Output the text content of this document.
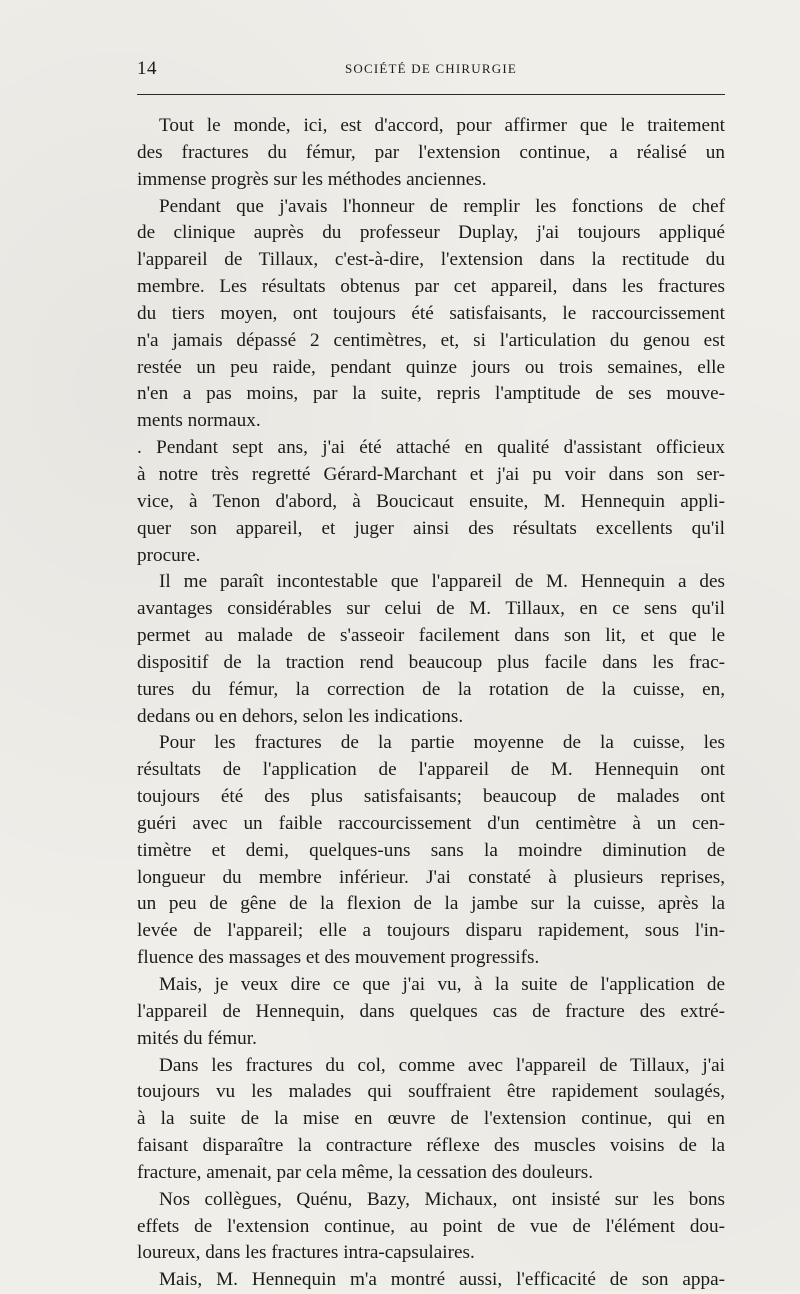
14	SOCIÉTÉ DE CHIRURGIE
Tout le monde, ici, est d'accord, pour affirmer que le traitement
des fractures du fémur, par l'extension continue, a réalisé un
immense progrès sur les méthodes anciennes.
Pendant que j'avais l'honneur de remplir les fonctions de chef
de clinique auprès du professeur Duplay, j'ai toujours appliqué
l'appareil de Tillaux, c'est-à-dire, l'extension dans la rectitude du
membre. Les résultats obtenus par cet appareil, dans les fractures
du tiers moyen, ont toujours été satisfaisants, le raccourcissement
n'a jamais dépassé 2 centimètres, et, si l'articulation du genou est
restée un peu raide, pendant quinze jours ou trois semaines, elle
n'en a pas moins, par la suite, repris l'amptitude de ses mouve-
ments normaux.
. Pendant sept ans, j'ai été attaché en qualité d'assistant officieux
à notre très regretté Gérard-Marchant et j'ai pu voir dans son ser-
vice, à Tenon d'abord, à Boucicaut ensuite, M. Hennequin appli-
quer son appareil, et juger ainsi des résultats excellents qu'il
procure.
Il me paraît incontestable que l'appareil de M. Hennequin a des
avantages considérables sur celui de M. Tillaux, en ce sens qu'il
permet au malade de s'asseoir facilement dans son lit, et que le
dispositif de la traction rend beaucoup plus facile dans les frac-
tures du fémur, la correction de la rotation de la cuisse, en,
dedans ou en dehors, selon les indications.
Pour les fractures de la partie moyenne de la cuisse, les
résultats de l'application de l'appareil de M. Hennequin ont
toujours été des plus satisfaisants; beaucoup de malades ont
guéri avec un faible raccourcissement d'un centimètre à un cen-
timètre et demi, quelques-uns sans la moindre diminution de
longueur du membre inférieur. J'ai constaté à plusieurs reprises,
un peu de gêne de la flexion de la jambe sur la cuisse, après la
levée de l'appareil; elle a toujours disparu rapidement, sous l'in-
fluence des massages et des mouvement progressifs.
Mais, je veux dire ce que j'ai vu, à la suite de l'application de
l'appareil de Hennequin, dans quelques cas de fracture des extré-
mités du fémur.
Dans les fractures du col, comme avec l'appareil de Tillaux, j'ai
toujours vu les malades qui souffraient être rapidement soulagés,
à la suite de la mise en œuvre de l'extension continue, qui en
faisant disparaître la contracture réflexe des muscles voisins de la
fracture, amenait, par cela même, la cessation des douleurs.
Nos collègues, Quénu, Bazy, Michaux, ont insisté sur les bons
effets de l'extension continue, au point de vue de l'élément dou-
loureux, dans les fractures intra-capsulaires.
Mais, M. Hennequin m'a montré aussi, l'efficacité de son appa-
